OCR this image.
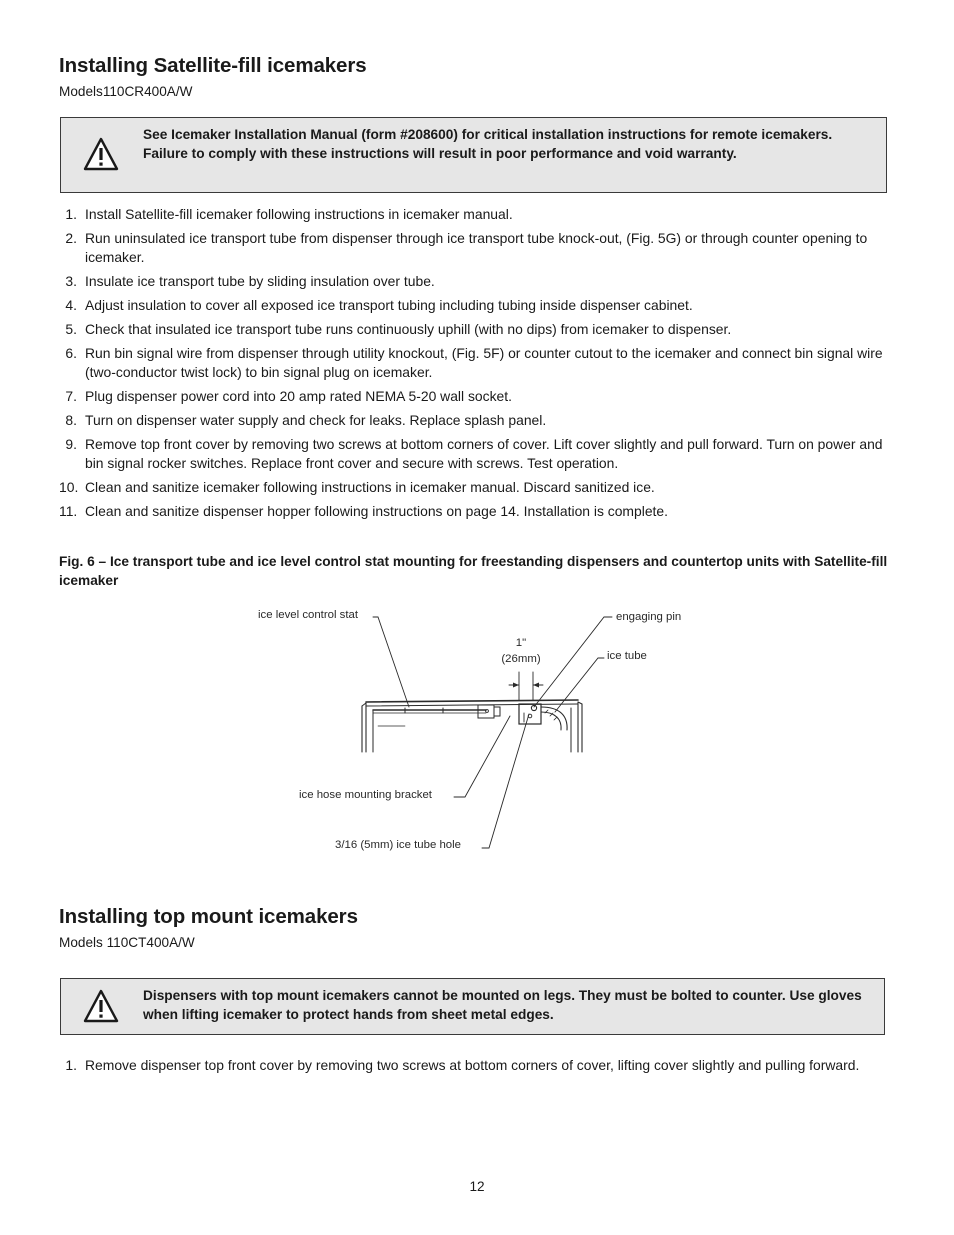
Installing Satellite-fill icemakers
Models110CR400A/W
See Icemaker Installation Manual (form #208600) for critical installation instructions for remote icemakers. Failure to comply with these instructions will result in poor performance and void warranty.
1. Install Satellite-fill icemaker following instructions in icemaker manual.
2. Run uninsulated ice transport tube from dispenser through ice transport tube knock-out, (Fig. 5G) or through counter opening to icemaker.
3. Insulate ice transport tube by sliding insulation over tube.
4. Adjust insulation to cover all exposed ice transport tubing including tubing inside dispenser cabinet.
5. Check that insulated ice transport tube runs continuously uphill (with no dips) from icemaker to dispenser.
6. Run bin signal wire from dispenser through utility knockout, (Fig. 5F) or counter cutout to the icemaker and connect bin signal wire (two-conductor twist lock) to bin signal plug on icemaker.
7. Plug dispenser power cord into 20 amp rated NEMA 5-20 wall socket.
8. Turn on dispenser water supply and check for leaks. Replace splash panel.
9. Remove top front cover by removing two screws at bottom corners of cover. Lift cover slightly and pull forward. Turn on power and bin signal rocker switches. Replace front cover and secure with screws. Test operation.
10. Clean and sanitize icemaker following instructions in icemaker manual. Discard sanitized ice.
11. Clean and sanitize dispenser hopper following instructions on page 14. Installation is complete.

Fig. 6 – Ice transport tube and ice level control stat mounting for freestanding dispensers and countertop units with Satellite-fill icemaker

ice level control stat	engaging pin
1"
(26mm)	ice tube
ice hose mounting bracket
3/16 (5mm) ice tube hole
Installing top mount icemakers
Models 110CT400A/W
Dispensers with top mount icemakers cannot be mounted on legs. They must be bolted to counter. Use gloves when lifting icemaker to protect hands from sheet metal edges.
1. Remove dispenser top front cover by removing two screws at bottom corners of cover, lifting cover slightly and pulling forward.
12
